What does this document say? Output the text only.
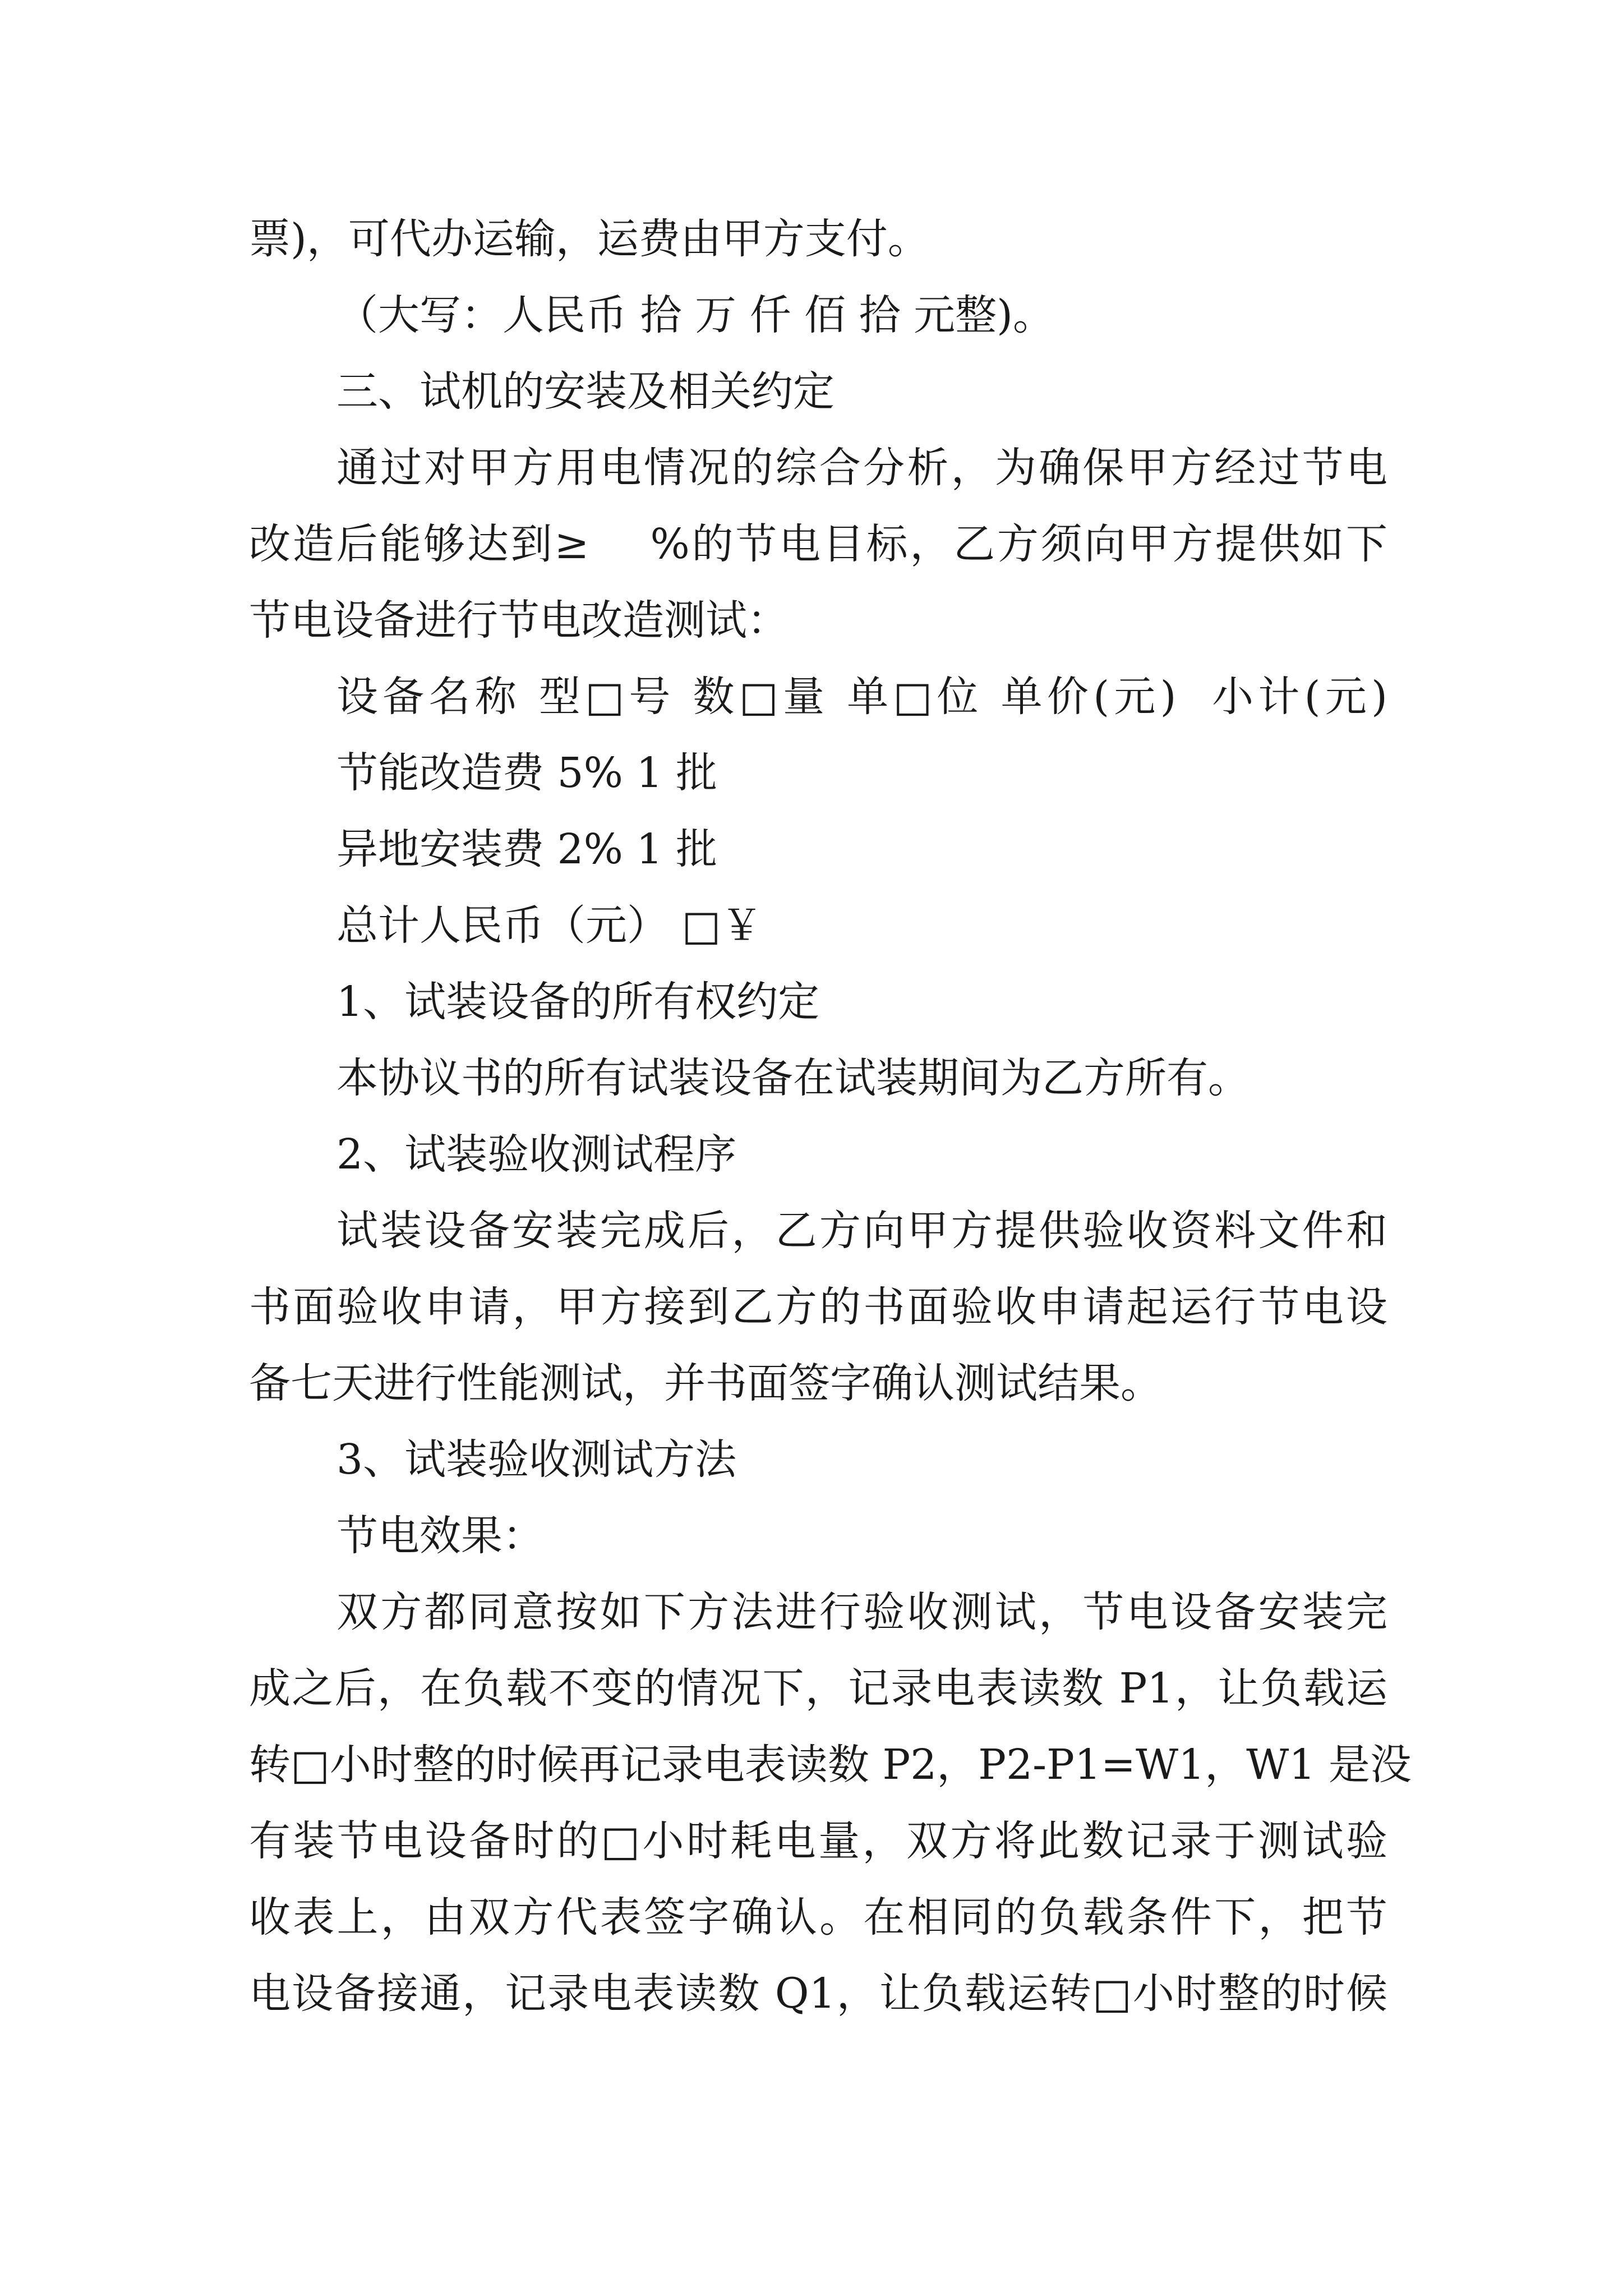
票)，可代办运输，运费由甲方支付。
（大写：人民币 拾 万 仟 佰 拾 元整)。
三、试机的安装及相关约定
通过对甲方用电情况的综合分析，为确保甲方经过节电
改造后能够达到≥    %的节电目标，乙方须向甲方提供如下
节电设备进行节电改造测试：
设备名称 型□号 数□量 单□位 单价(元)  小计(元)
节能改造费 5% 1 批
异地安装费 2% 1 批
总计人民币（元） □￥
1、试装设备的所有权约定
本协议书的所有试装设备在试装期间为乙方所有。
2、试装验收测试程序
试装设备安装完成后，乙方向甲方提供验收资料文件和
书面验收申请，甲方接到乙方的书面验收申请起运行节电设
备七天进行性能测试，并书面签字确认测试结果。
3、试装验收测试方法
节电效果：
双方都同意按如下方法进行验收测试，节电设备安装完
成之后，在负载不变的情况下，记录电表读数 P1，让负载运
转□小时整的时候再记录电表读数 P2，P2-P1=W1，W1 是没
有装节电设备时的□小时耗电量，双方将此数记录于测试验
收表上，由双方代表签字确认。在相同的负载条件下，把节
电设备接通，记录电表读数 Q1，让负载运转□小时整的时候
